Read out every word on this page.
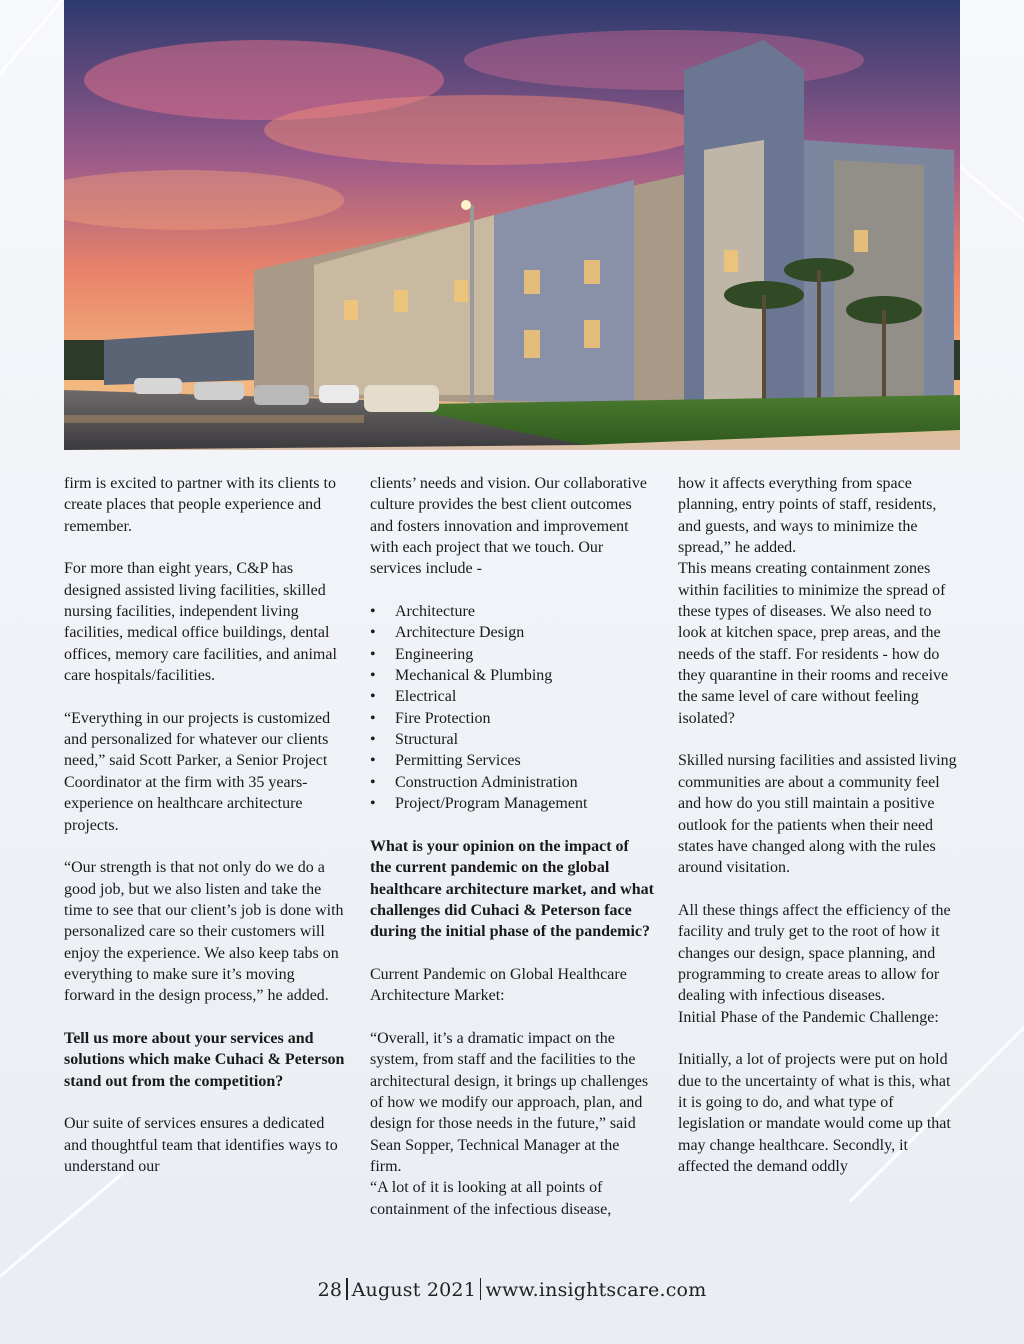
firm is excited to partner with its clients to create places that people experience and remember.

For more than eight years, C&P has designed assisted living facilities, skilled nursing facilities, independent living facilities, medical office buildings, dental offices, memory care facilities, and animal care hospitals/facilities.

“Everything in our projects is customized and personalized for whatever our clients need,” said Scott Parker, a Senior Project Coordinator at the firm with 35 years-experience on healthcare architecture projects.

“Our strength is that not only do we do a good job, but we also listen and take the time to see that our client’s job is done with personalized care so their customers will enjoy the experience. We also keep tabs on everything to make sure it’s moving forward in the design process,” he added.

Tell us more about your services and solutions which make Cuhaci & Peterson stand out from the competition?

Our suite of services ensures a dedicated and thoughtful team that identifies ways to understand our

clients’ needs and vision. Our collaborative culture provides the best client outcomes and fosters innovation and improvement with each project that we touch. Our services include -

• Architecture
• Architecture Design
• Engineering
• Mechanical & Plumbing
• Electrical
• Fire Protection
• Structural
• Permitting Services
• Construction Administration
• Project/Program Management

What is your opinion on the impact of the current pandemic on the global healthcare architecture market, and what challenges did Cuhaci & Peterson face during the initial phase of the pandemic?

Current Pandemic on Global Healthcare Architecture Market:

“Overall, it’s a dramatic impact on the system, from staff and the facilities to the architectural design, it brings up challenges of how we modify our approach, plan, and design for those needs in the future,” said Sean Sopper, Technical Manager at the firm.

“A lot of it is looking at all points of containment of the infectious disease,

how it affects everything from space planning, entry points of staff, residents, and guests, and ways to minimize the spread,” he added.

This means creating containment zones within facilities to minimize the spread of these types of diseases. We also need to look at kitchen space, prep areas, and the needs of the staff. For residents - how do they quarantine in their rooms and receive the same level of care without feeling isolated?

Skilled nursing facilities and assisted living communities are about a community feel and how do you still maintain a positive outlook for the patients when their need states have changed along with the rules around visitation.

All these things affect the efficiency of the facility and truly get to the root of how it changes our design, space planning, and programming to create areas to allow for dealing with infectious diseases.

Initial Phase of the Pandemic Challenge:

Initially, a lot of projects were put on hold due to the uncertainty of what is this, what it is going to do, and what type of legislation or mandate would come up that may change healthcare. Secondly, it affected the demand oddly

28 August 2021 www.insightscare.com
